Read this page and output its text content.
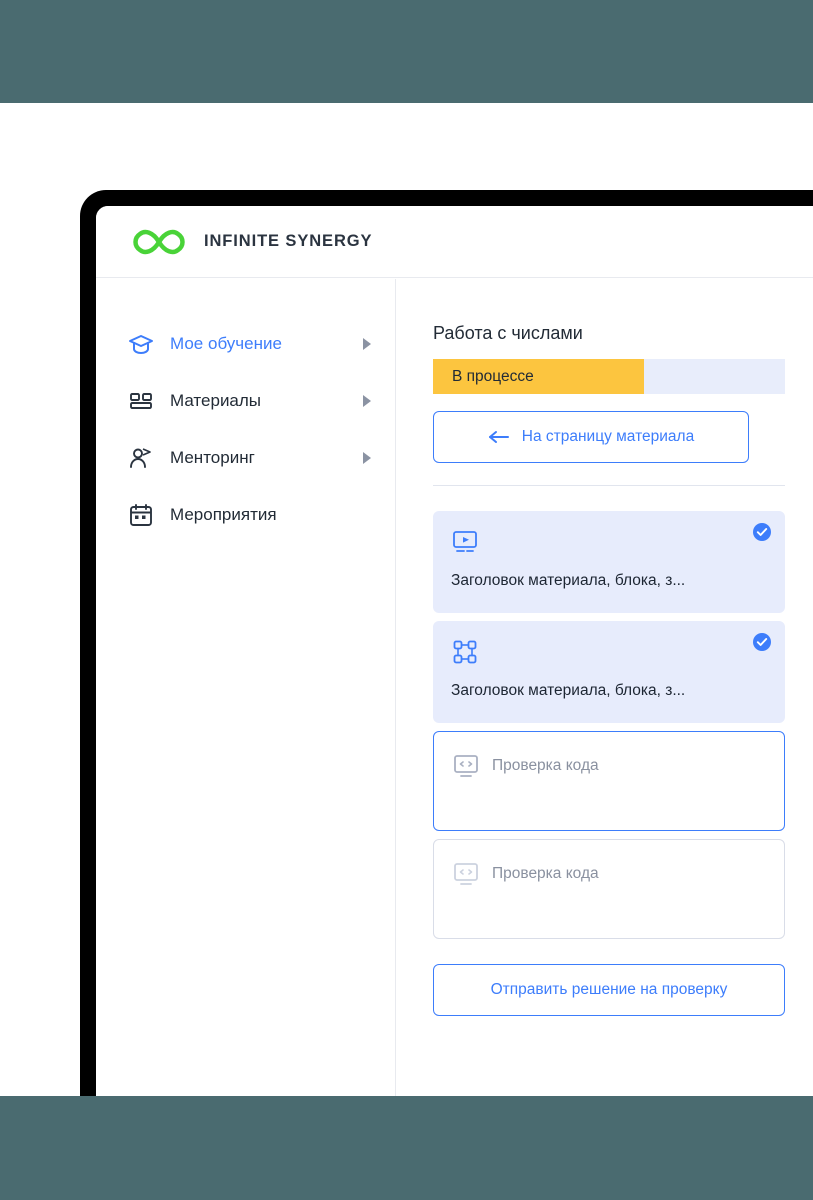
INFINITE SYNERGY
Мое обучение
Материалы
Менторинг
Мероприятия
Работа с числами
В процессе
На страницу материала
Заголовок материала, блока, з...
Заголовок материала, блока, з...
Проверка кода
Проверка кода
Отправить решение на проверку
